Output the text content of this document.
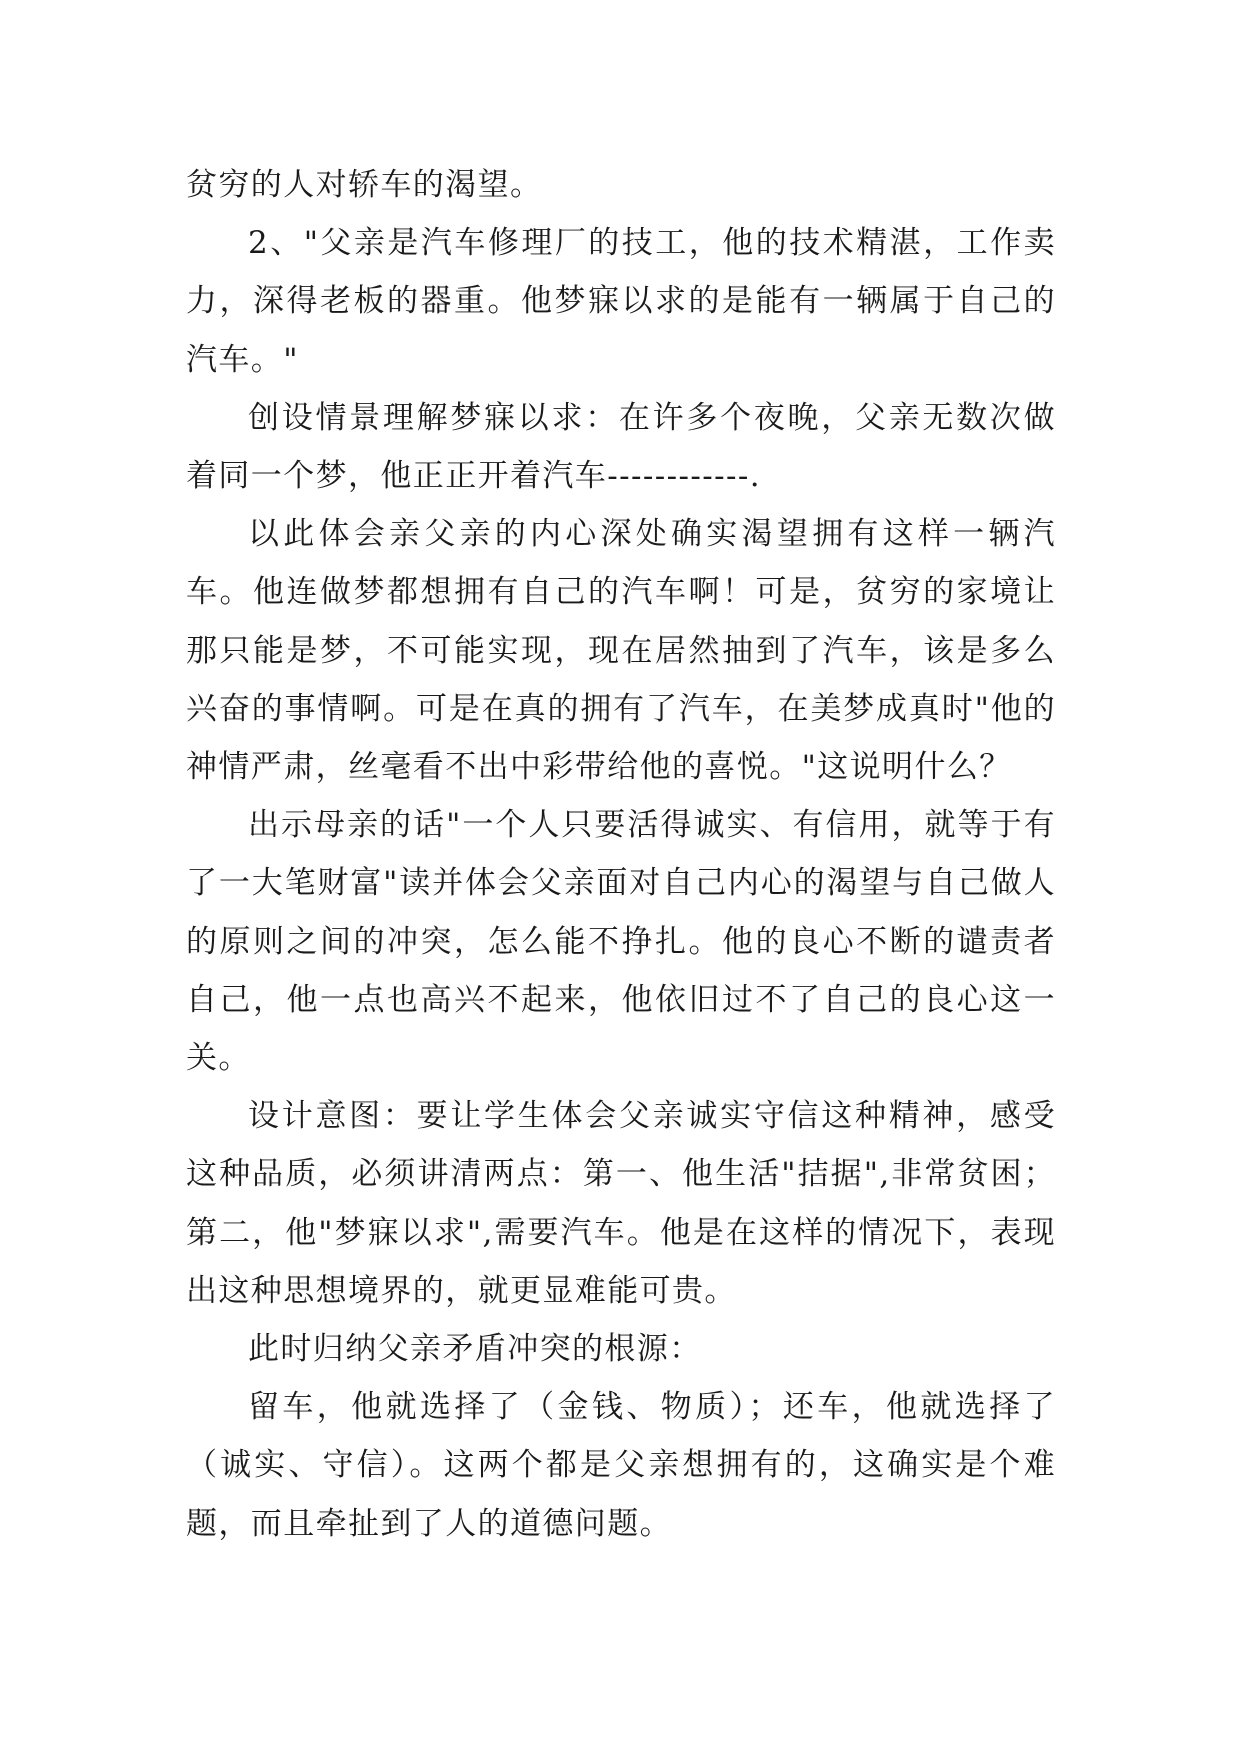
贫穷的人对轿车的渴望。

2、"父亲是汽车修理厂的技工，他的技术精湛，工作卖力，深得老板的器重。他梦寐以求的是能有一辆属于自己的汽车。"

创设情景理解梦寐以求：在许多个夜晚，父亲无数次做着同一个梦，他正正开着汽车------------.

以此体会亲父亲的内心深处确实渴望拥有这样一辆汽车。他连做梦都想拥有自己的汽车啊！可是，贫穷的家境让那只能是梦，不可能实现，现在居然抽到了汽车，该是多么兴奋的事情啊。可是在真的拥有了汽车，在美梦成真时"他的神情严肃，丝毫看不出中彩带给他的喜悦。"这说明什么？

出示母亲的话"一个人只要活得诚实、有信用，就等于有了一大笔财富"读并体会父亲面对自己内心的渴望与自己做人的原则之间的冲突，怎么能不挣扎。他的良心不断的谴责者自己，他一点也高兴不起来，他依旧过不了自己的良心这一关。

设计意图：要让学生体会父亲诚实守信这种精神，感受这种品质，必须讲清两点：第一、他生活"拮据",非常贫困；第二，他"梦寐以求",需要汽车。他是在这样的情况下，表现出这种思想境界的，就更显难能可贵。

此时归纳父亲矛盾冲突的根源：

留车，他就选择了（金钱、物质）；还车，他就选择了（诚实、守信）。这两个都是父亲想拥有的，这确实是个难题，而且牵扯到了人的道德问题。
